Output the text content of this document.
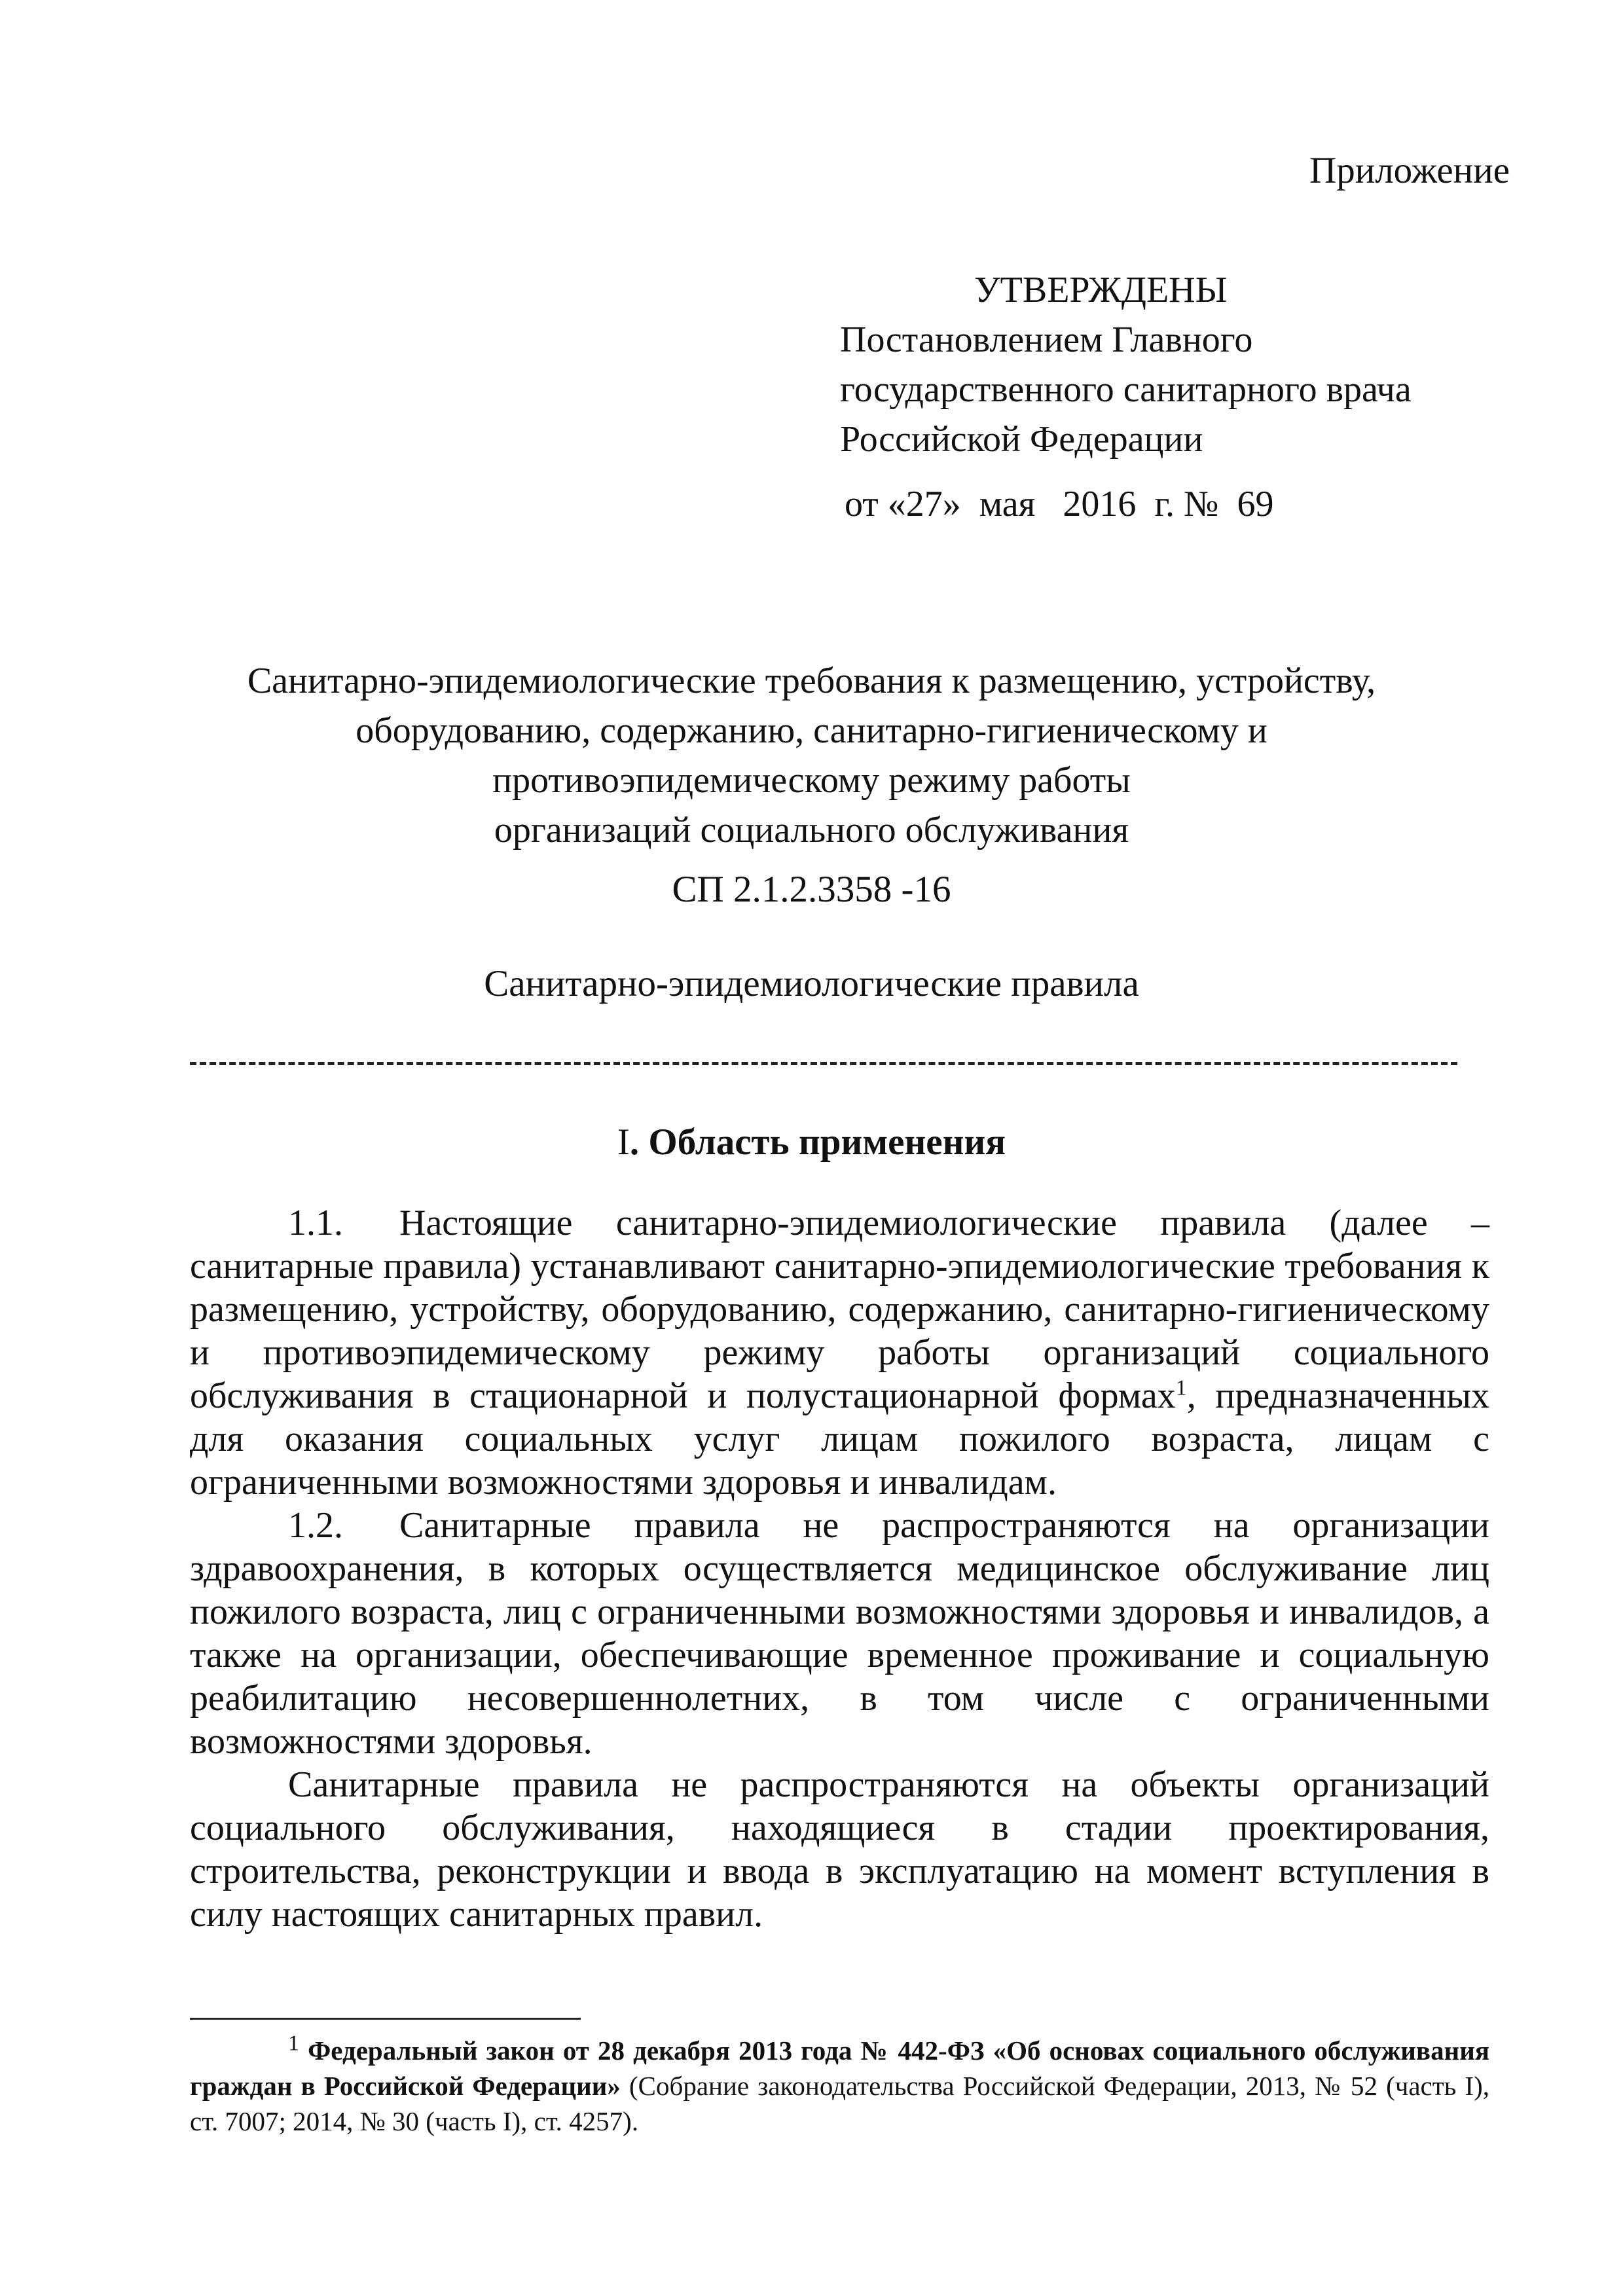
Приложение

УТВЕРЖДЕНЫ
Постановлением Главного
государственного санитарного врача
Российской Федерации

от «27»  мая   2016  г. №  69

Санитарно-эпидемиологические требования к размещению, устройству,
оборудованию, содержанию, санитарно-гигиеническому и
противоэпидемическому режиму работы
организаций социального обслуживания

СП 2.1.2.3358 -16

Санитарно-эпидемиологические правила

I. Область применения

1.1. Настоящие санитарно-эпидемиологические правила (далее – санитарные правила) устанавливают санитарно-эпидемиологические требования к размещению, устройству, оборудованию, содержанию, санитарно-гигиеническому и противоэпидемическому режиму работы организаций социального обслуживания в стационарной и полустационарной формах$^1$, предназначенных для оказания социальных услуг лицам пожилого возраста, лицам с ограниченными возможностями здоровья и инвалидам.

1.2. Санитарные правила не распространяются на организации здравоохранения, в которых осуществляется медицинское обслуживание лиц пожилого возраста, лиц с ограниченными возможностями здоровья и инвалидов, а также на организации, обеспечивающие временное проживание и социальную реабилитацию несовершеннолетних, в том числе с ограниченными возможностями здоровья.

Санитарные правила не распространяются на объекты организаций социального обслуживания, находящиеся в стадии проектирования, строительства, реконструкции и ввода в эксплуатацию на момент вступления в силу настоящих санитарных правил.

$^1$ Федеральный закон от 28 декабря 2013 года № 442-ФЗ «Об основах социального обслуживания граждан в Российской Федерации» (Собрание законодательства Российской Федерации, 2013, № 52 (часть I), ст. 7007; 2014, № 30 (часть I), ст. 4257).
